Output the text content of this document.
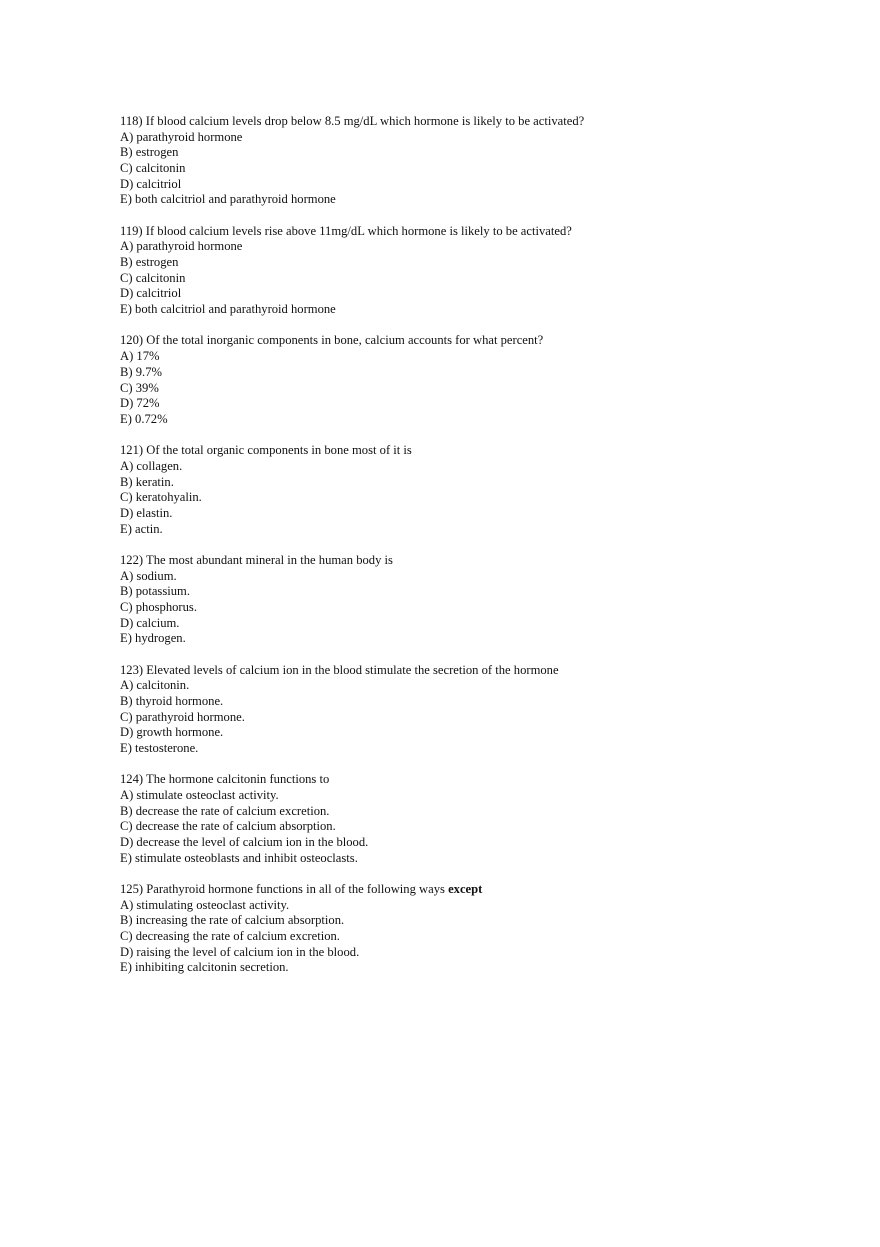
118) If blood calcium levels drop below 8.5 mg/dL which hormone is likely to be activated?
A) parathyroid hormone
B) estrogen
C) calcitonin
D) calcitriol
E) both calcitriol and parathyroid hormone
119) If blood calcium levels rise above 11mg/dL which hormone is likely to be activated?
A) parathyroid hormone
B) estrogen
C) calcitonin
D) calcitriol
E) both calcitriol and parathyroid hormone
120) Of the total inorganic components in bone, calcium accounts for what percent?
A) 17%
B) 9.7%
C) 39%
D) 72%
E) 0.72%
121) Of the total organic components in bone most of it is
A) collagen.
B) keratin.
C) keratohyalin.
D) elastin.
E) actin.
122) The most abundant mineral in the human body is
A) sodium.
B) potassium.
C) phosphorus.
D) calcium.
E) hydrogen.
123) Elevated levels of calcium ion in the blood stimulate the secretion of the hormone
A) calcitonin.
B) thyroid hormone.
C) parathyroid hormone.
D) growth hormone.
E) testosterone.
124) The hormone calcitonin functions to
A) stimulate osteoclast activity.
B) decrease the rate of calcium excretion.
C) decrease the rate of calcium absorption.
D) decrease the level of calcium ion in the blood.
E) stimulate osteoblasts and inhibit osteoclasts.
125) Parathyroid hormone functions in all of the following ways except
A) stimulating osteoclast activity.
B) increasing the rate of calcium absorption.
C) decreasing the rate of calcium excretion.
D) raising the level of calcium ion in the blood.
E) inhibiting calcitonin secretion.
